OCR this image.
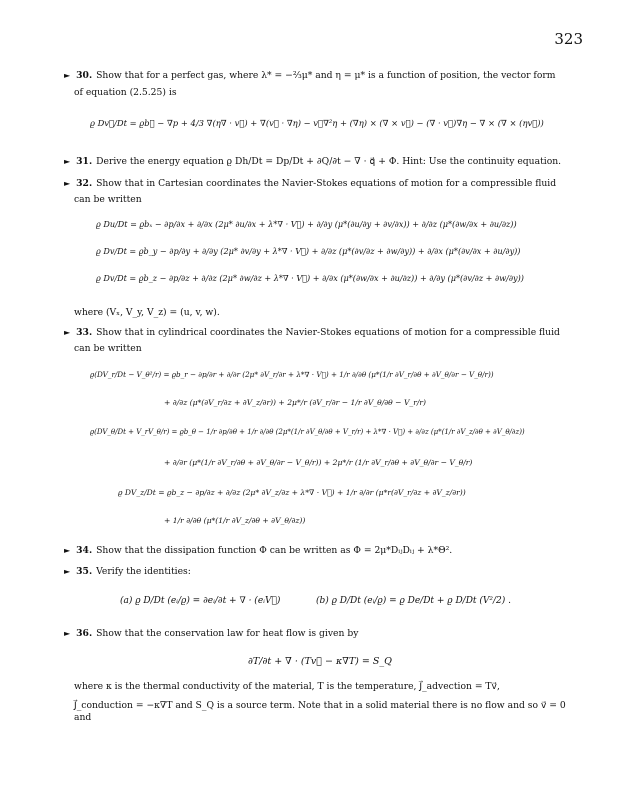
323
► 30. Show that for a perfect gas, where λ* = −⅔μ* and η = μ* is a function of position, the vector form
of equation (2.5.25) is
ϱ Dv⃗/Dt = ϱb⃗ − ∇p + 4/3 ∇(η∇ · v⃗) + ∇(v⃗ · ∇η) − v⃗∇²η + (∇η) × (∇ × v⃗) − (∇ · v⃗)∇η − ∇ × (∇ × (ηv⃗))
► 31. Derive the energy equation ϱ Dh/Dt = Dp/Dt + ∂Q/∂t − ∇ · q⃗ + Φ. Hint: Use the continuity equation.
► 32. Show that in Cartesian coordinates the Navier-Stokes equations of motion for a compressible fluid
can be written
ϱ Du/Dt = ϱbₓ − ∂p/∂x + ∂/∂x (2μ* ∂u/∂x + λ*∇ · V⃗) + ∂/∂y (μ*(∂u/∂y + ∂v/∂x)) + ∂/∂z (μ*(∂w/∂x + ∂u/∂z))
ϱ Dv/Dt = ϱb_y − ∂p/∂y + ∂/∂y (2μ* ∂v/∂y + λ*∇ · V⃗) + ∂/∂z (μ*(∂v/∂z + ∂w/∂y)) + ∂/∂x (μ*(∂v/∂x + ∂u/∂y))
ϱ Dv/Dt = ϱb_z − ∂p/∂z + ∂/∂z (2μ* ∂w/∂z + λ*∇ · V⃗) + ∂/∂x (μ*(∂w/∂x + ∂u/∂z)) + ∂/∂y (μ*(∂v/∂z + ∂w/∂y))
where (Vₓ, V_y, V_z) = (u, v, w).
► 33. Show that in cylindrical coordinates the Navier-Stokes equations of motion for a compressible fluid
can be written
ϱ(DV_r/Dt − V_θ²/r) = ϱb_r − ∂p/∂r + ∂/∂r (2μ* ∂V_r/∂r + λ*∇ · V⃗) + 1/r ∂/∂θ (μ*(1/r ∂V_r/∂θ + ∂V_θ/∂r − V_θ/r))
+ ∂/∂z (μ*(∂V_r/∂z + ∂V_z/∂r)) + 2μ*/r (∂V_r/∂r − 1/r ∂V_θ/∂θ − V_r/r)
ϱ(DV_θ/Dt + V_rV_θ/r) = ϱb_θ − 1/r ∂p/∂θ + 1/r ∂/∂θ (2μ*(1/r ∂V_θ/∂θ + V_r/r) + λ*∇ · V⃗) + ∂/∂z (μ*(1/r ∂V_z/∂θ + ∂V_θ/∂z))
+ ∂/∂r (μ*(1/r ∂V_r/∂θ + ∂V_θ/∂r − V_θ/r)) + 2μ*/r (1/r ∂V_r/∂θ + ∂V_θ/∂r − V_θ/r)
ϱ DV_z/Dt = ϱb_z − ∂p/∂z + ∂/∂z (2μ* ∂V_z/∂z + λ*∇ · V⃗) + 1/r ∂/∂r (μ*r(∂V_r/∂z + ∂V_z/∂r))
+ 1/r ∂/∂θ (μ*(1/r ∂V_z/∂θ + ∂V_θ/∂z))
► 34. Show that the dissipation function Φ can be written as Φ = 2μ*DᵢⱼDᵢⱼ + λ*Θ².
► 35. Verify the identities:
(a) ϱ D/Dt (eᵢ/ϱ) = ∂eᵢ/∂t + ∇ · (eᵢV⃗)	(b) ϱ D/Dt (eᵢ/ϱ) = ϱ De/Dt + ϱ D/Dt (V²/2) .
► 36. Show that the conservation law for heat flow is given by
∂T/∂t + ∇ · (Tv⃗ − κ∇T) = S_Q
where κ is the thermal conductivity of the material, T is the temperature, J⃗_advection = Tv⃗,
J⃗_conduction = −κ∇T and S_Q is a source term. Note that in a solid material there is no flow and so v⃗ = 0 and
